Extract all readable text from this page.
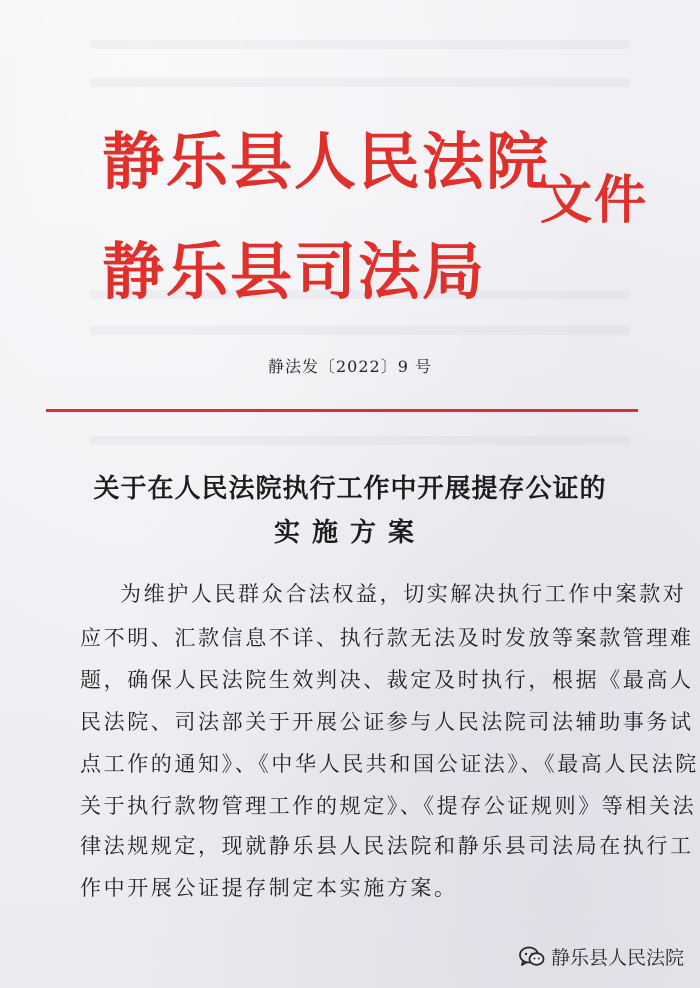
静乐县人民法院
静乐县司法局
文件
静法发〔2022〕9 号
关于在人民法院执行工作中开展提存公证的
实施方案
为维护人民群众合法权益，切实解决执行工作中案款对
应不明、汇款信息不详、执行款无法及时发放等案款管理难
题，确保人民法院生效判决、裁定及时执行，根据《最高人
民法院、司法部关于开展公证参与人民法院司法辅助事务试
点工作的通知》、《中华人民共和国公证法》、《最高人民法院
关于执行款物管理工作的规定》、《提存公证规则》等相关法
律法规规定，现就静乐县人民法院和静乐县司法局在执行工
作中开展公证提存制定本实施方案。
静乐县人民法院
